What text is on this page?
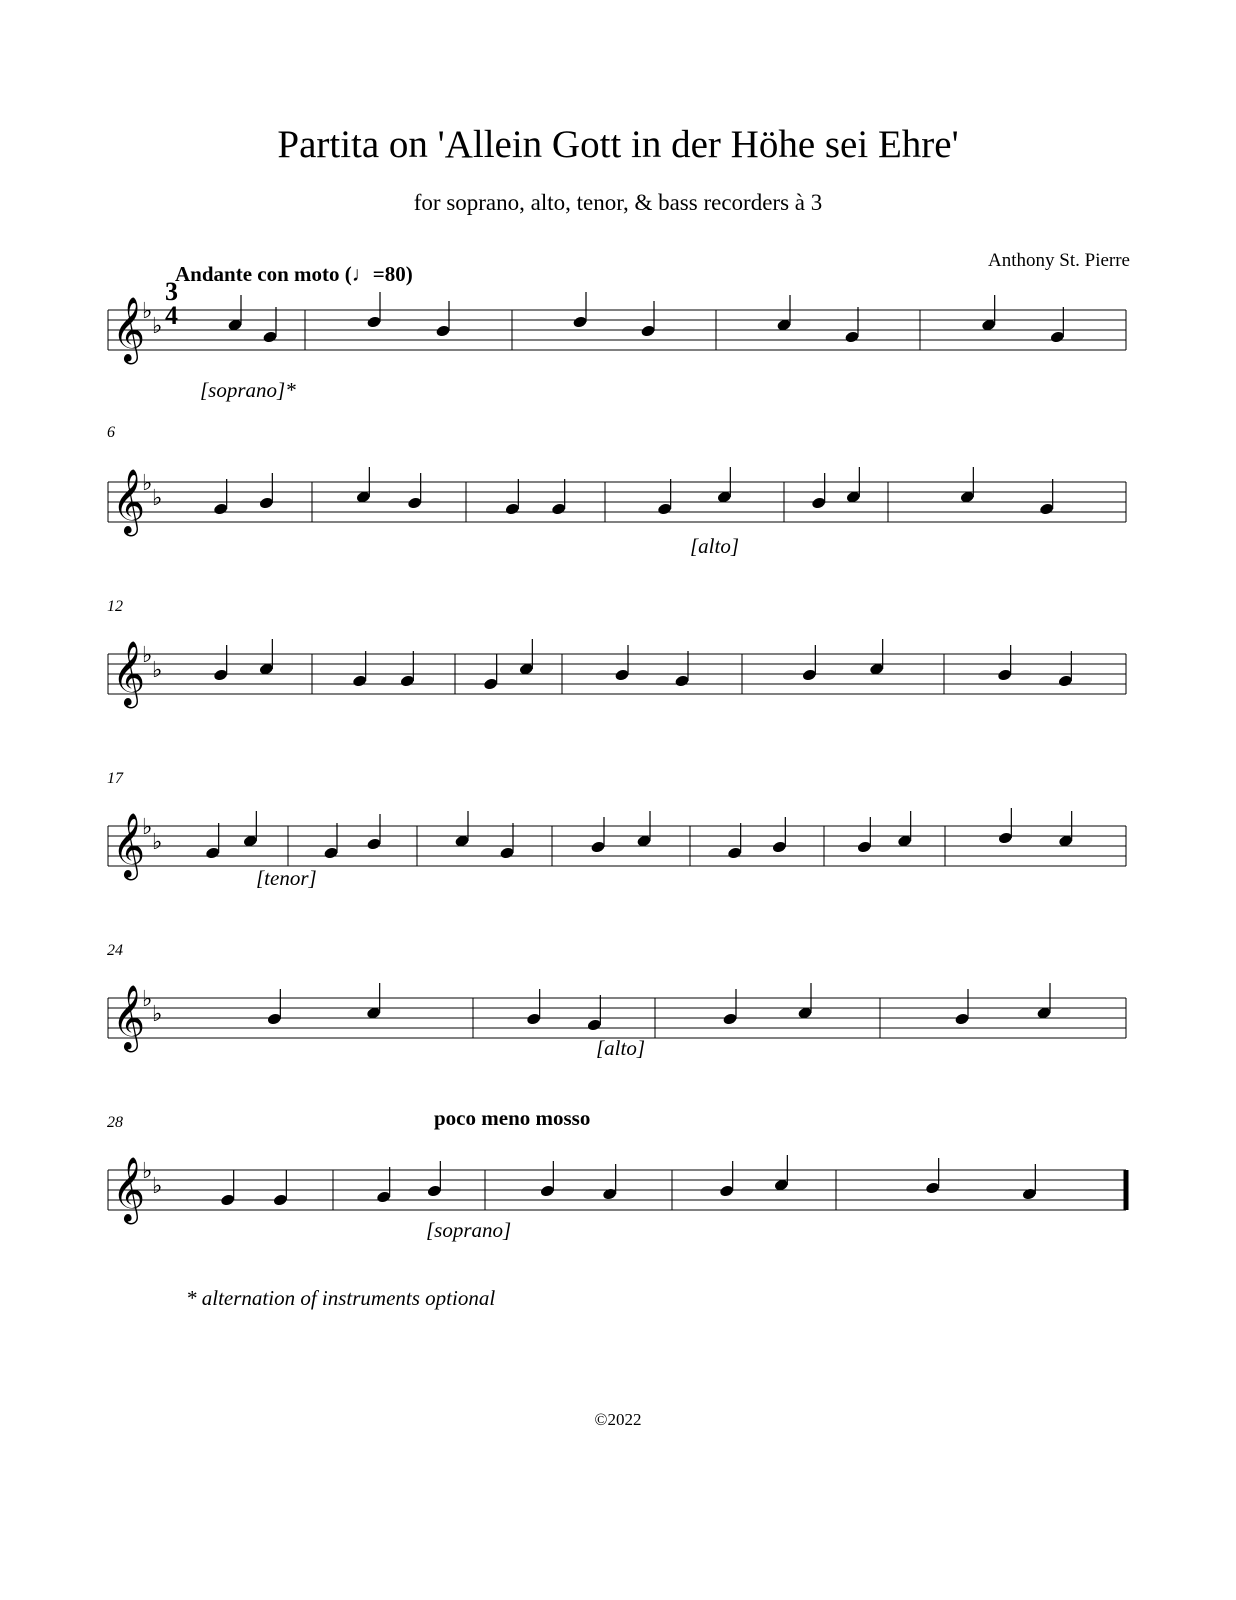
Partita on 'Allein Gott in der Höhe sei Ehre'
for soprano, alto, tenor, & bass recorders à 3
Anthony St. Pierre
Andante con moto (♩=80)
poco meno mosso
6
12
17
24
28
[soprano]*
[alto]
[tenor]
[alto]
[soprano]
𝄞
♭
♭
𝄞
♭
♭
𝄞
♭
♭
𝄞
♭
♭
𝄞
♭
♭
𝄞
♭
♭
3
4
* alternation of instruments optional
©2022
